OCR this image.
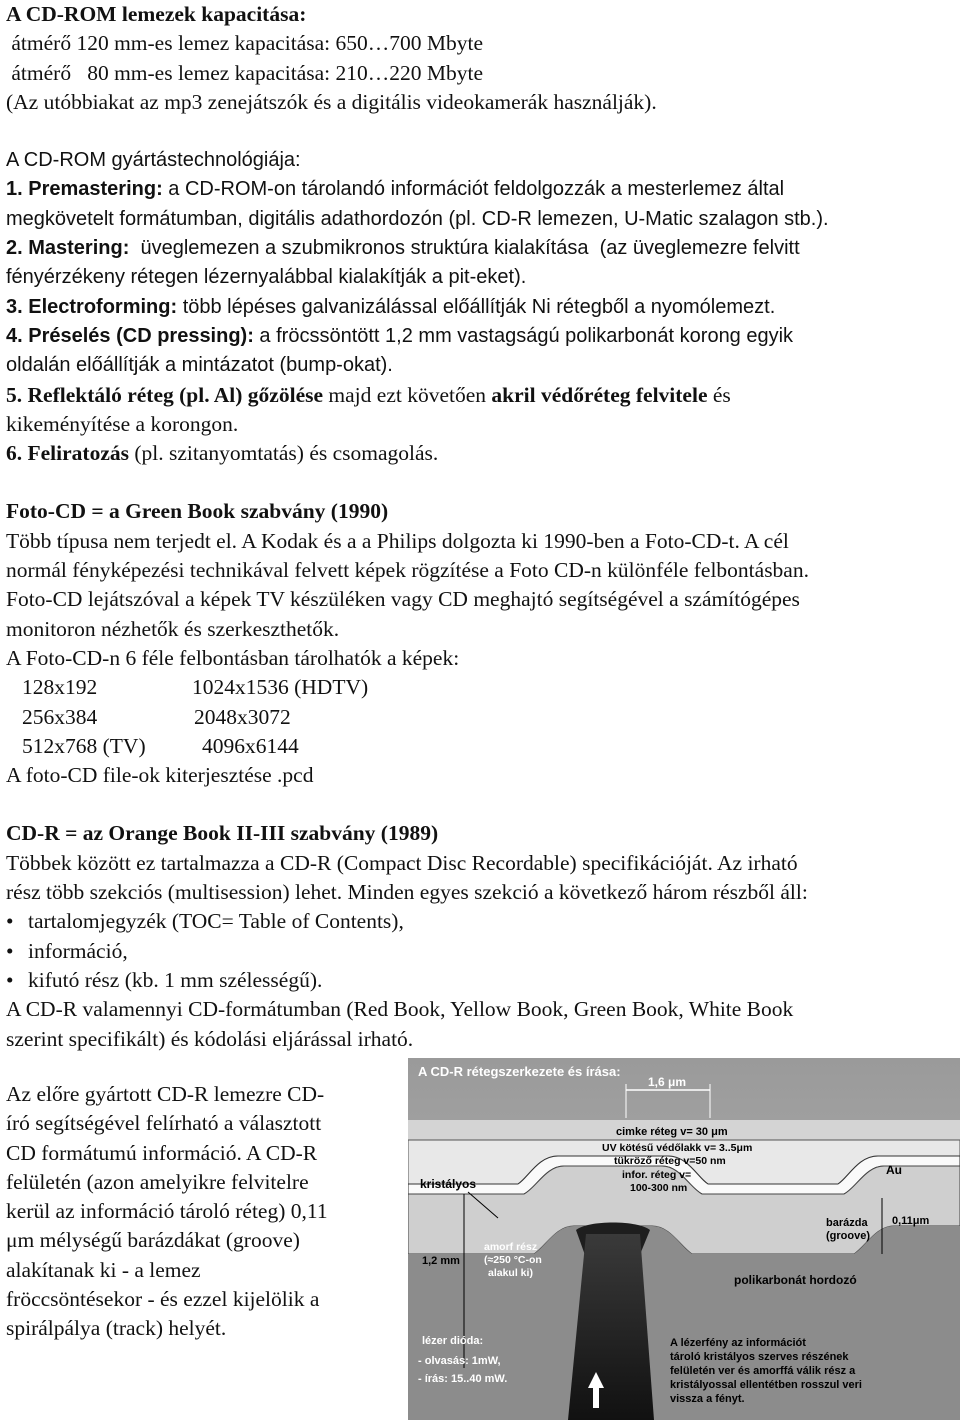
A CD-ROM lemezek kapacitása:
átmérő 120 mm-es lemez kapacitása: 650…700 Mbyte
átmérő   80 mm-es lemez kapacitása: 210…220 Mbyte
(Az utóbbiakat az mp3 zenejátszók és a digitális videokamerák használják).
A CD-ROM gyártástechnológiája:
1. Premastering: a CD-ROM-on tárolandó információt feldolgozzák a mesterlemez által
megkövetelt formátumban, digitális adathordozón (pl. CD-R lemezen, U-Matic szalagon stb.).
2. Mastering:  üveglemezen a szubmikronos struktúra kialakítása  (az üveglemezre felvitt
fényérzékeny rétegen lézernyalábbal kialakítják a pit-eket).
3. Electroforming: több lépéses galvanizálással előállítják Ni rétegből a nyomólemezt.
4. Préselés (CD pressing): a fröcssöntött 1,2 mm vastagságú polikarbonát korong egyik
oldalán előállítják a mintázatot (bump-okat).
5. Reflektáló réteg (pl. Al) gőzölése majd ezt követően akril védőréteg felvitele és
kikeményítése a korongon.
6. Feliratozás (pl. szitanyomtatás) és csomagolás.
Foto-CD = a Green Book szabvány (1990)
Több típusa nem terjedt el. A Kodak és a a Philips dolgozta ki 1990-ben a Foto-CD-t. A cél
normál fényképezési technikával felvett képek rögzítése a Foto CD-n különféle felbontásban.
Foto-CD lejátszóval a képek TV készüléken vagy CD meghajtó segítségével a számítógépes
monitoron nézhetők és szerkeszthetők.
A Foto-CD-n 6 féle felbontásban tárolhatók a képek:
128x192	1024x1536 (HDTV)
256x384	2048x3072
512x768 (TV)	4096x6144
A foto-CD file-ok kiterjesztése .pcd
CD-R = az Orange Book II-III szabvány (1989)
Többek között ez tartalmazza a CD-R (Compact Disc Recordable) specifikációját. Az irható
rész több szekciós (multisession) lehet. Minden egyes szekció a következő három részből áll:
• tartalomjegyzék (TOC= Table of Contents),
• információ,
• kifutó rész (kb. 1 mm szélességű).
A CD-R valamennyi CD-formátumban (Red Book, Yellow Book, Green Book, White Book
szerint specifikált) és kódolási eljárással irható.
Az előre gyártott CD-R lemezre CD-
író segítségével felírható a választott
CD formátumú információ. A CD-R
felületén (azon amelyikre felvitelre
kerül az információ tároló réteg) 0,11
μm mélységű barázdákat (groove)
alakítanak ki - a lemez
fröccsöntésekor - és ezzel kijelölik a
spirálpálya (track) helyét.
A CD-R rétegszerkezete és írása:
1,6 μm
cimke réteg v= 30 μm
UV kötésű védőlakk v= 3..5μm
tükröző réteg v=50 nm
infor. réteg v=
100-300 nm
kristályos
Au
barázda
(groove)
0,11μm
amorf rész
(≈250 °C-on
alakul ki)
1,2 mm
polikarbonát hordozó
lézer dióda:
- olvasás: 1mW,
- írás: 15..40 mW.
A lézerfény az információt
tároló kristályos szerves részének
felületén ver és amorffá válik rész a
kristályossal ellentétben rosszul veri
vissza a fényt.
